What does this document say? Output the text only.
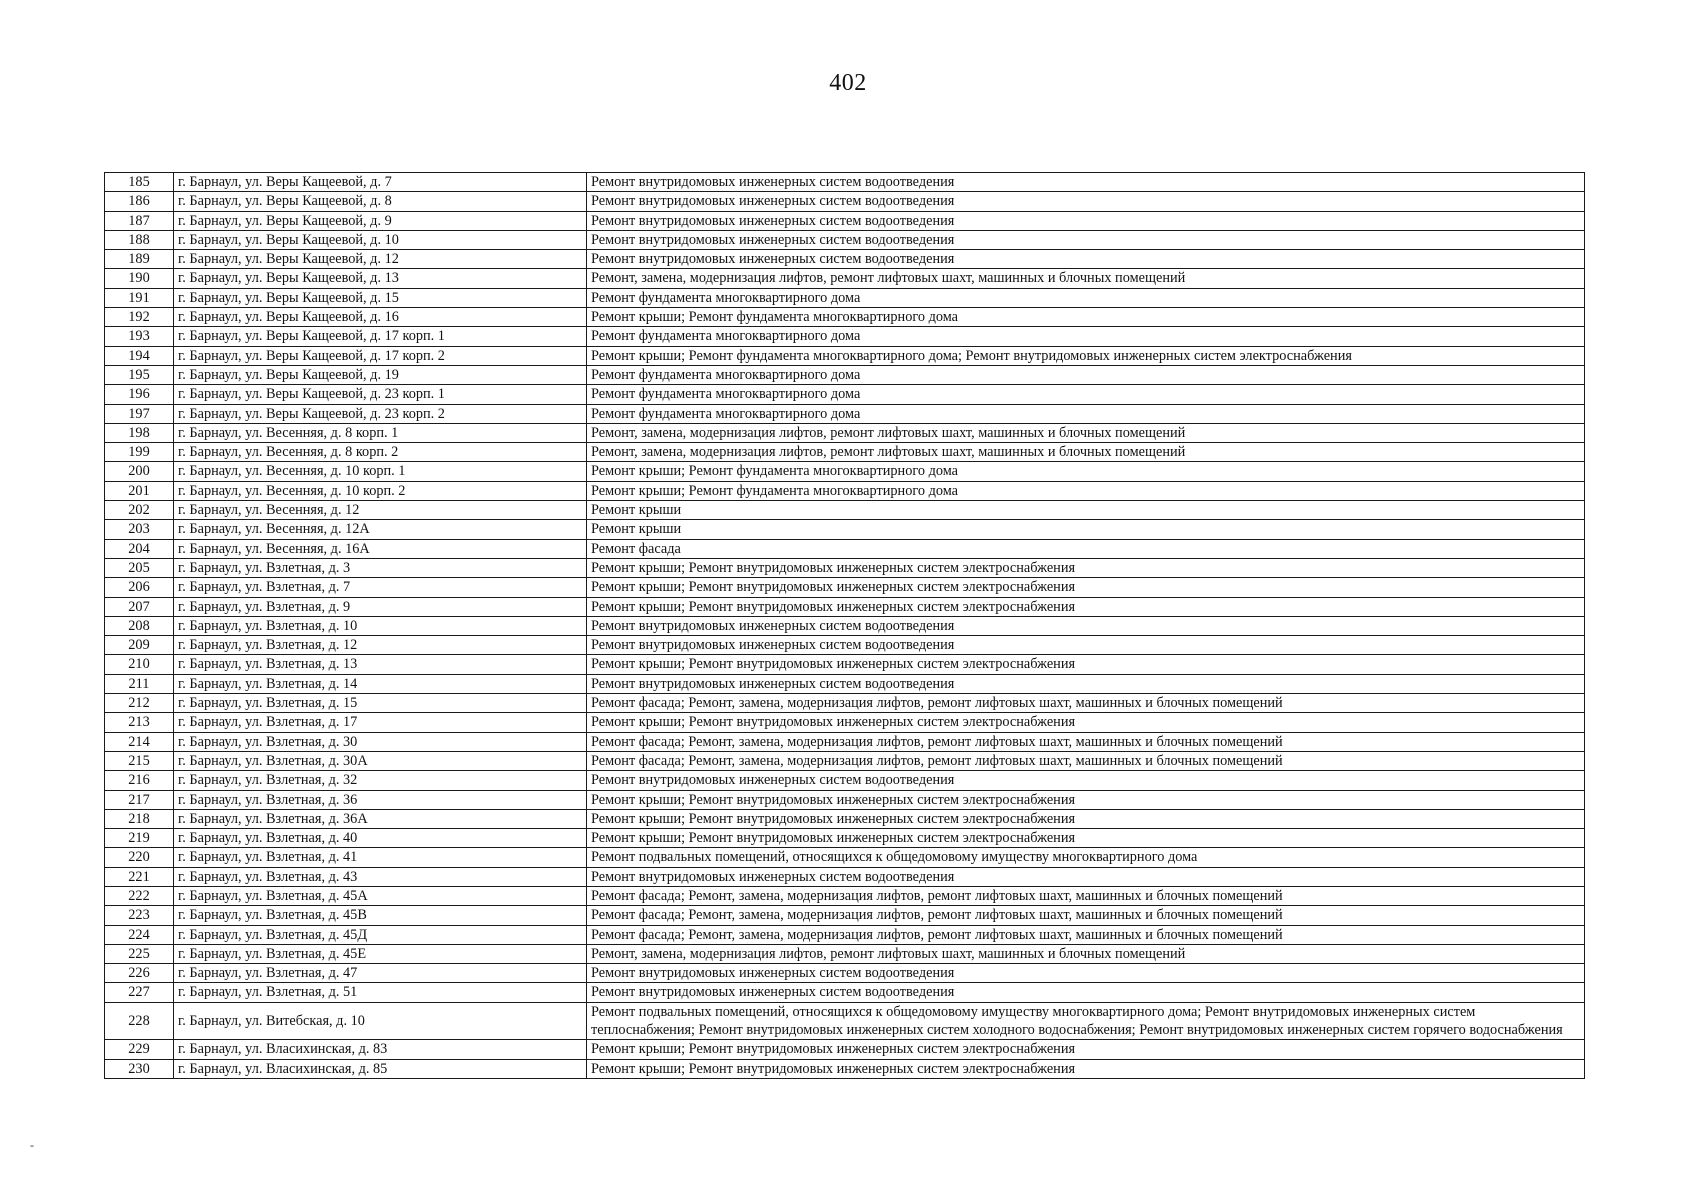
402
185	г. Барнаул, ул. Веры Кащеевой, д. 7	Ремонт внутридомовых инженерных систем водоотведения
186	г. Барнаул, ул. Веры Кащеевой, д. 8	Ремонт внутридомовых инженерных систем водоотведения
187	г. Барнаул, ул. Веры Кащеевой, д. 9	Ремонт внутридомовых инженерных систем водоотведения
188	г. Барнаул, ул. Веры Кащеевой, д. 10	Ремонт внутридомовых инженерных систем водоотведения
189	г. Барнаул, ул. Веры Кащеевой, д. 12	Ремонт внутридомовых инженерных систем водоотведения
190	г. Барнаул, ул. Веры Кащеевой, д. 13	Ремонт, замена, модернизация лифтов, ремонт лифтовых шахт, машинных и блочных помещений
191	г. Барнаул, ул. Веры Кащеевой, д. 15	Ремонт фундамента многоквартирного дома
192	г. Барнаул, ул. Веры Кащеевой, д. 16	Ремонт крыши; Ремонт фундамента многоквартирного дома
193	г. Барнаул, ул. Веры Кащеевой, д. 17 корп. 1	Ремонт фундамента многоквартирного дома
194	г. Барнаул, ул. Веры Кащеевой, д. 17 корп. 2	Ремонт крыши; Ремонт фундамента многоквартирного дома; Ремонт внутридомовых инженерных систем электроснабжения
195	г. Барнаул, ул. Веры Кащеевой, д. 19	Ремонт фундамента многоквартирного дома
196	г. Барнаул, ул. Веры Кащеевой, д. 23 корп. 1	Ремонт фундамента многоквартирного дома
197	г. Барнаул, ул. Веры Кащеевой, д. 23 корп. 2	Ремонт фундамента многоквартирного дома
198	г. Барнаул, ул. Весенняя, д. 8 корп. 1	Ремонт, замена, модернизация лифтов, ремонт лифтовых шахт, машинных и блочных помещений
199	г. Барнаул, ул. Весенняя, д. 8 корп. 2	Ремонт, замена, модернизация лифтов, ремонт лифтовых шахт, машинных и блочных помещений
200	г. Барнаул, ул. Весенняя, д. 10 корп. 1	Ремонт крыши; Ремонт фундамента многоквартирного дома
201	г. Барнаул, ул. Весенняя, д. 10 корп. 2	Ремонт крыши; Ремонт фундамента многоквартирного дома
202	г. Барнаул, ул. Весенняя, д. 12	Ремонт крыши
203	г. Барнаул, ул. Весенняя, д. 12А	Ремонт крыши
204	г. Барнаул, ул. Весенняя, д. 16А	Ремонт фасада
205	г. Барнаул, ул. Взлетная, д. 3	Ремонт крыши; Ремонт внутридомовых инженерных систем электроснабжения
206	г. Барнаул, ул. Взлетная, д. 7	Ремонт крыши; Ремонт внутридомовых инженерных систем электроснабжения
207	г. Барнаул, ул. Взлетная, д. 9	Ремонт крыши; Ремонт внутридомовых инженерных систем электроснабжения
208	г. Барнаул, ул. Взлетная, д. 10	Ремонт внутридомовых инженерных систем водоотведения
209	г. Барнаул, ул. Взлетная, д. 12	Ремонт внутридомовых инженерных систем водоотведения
210	г. Барнаул, ул. Взлетная, д. 13	Ремонт крыши; Ремонт внутридомовых инженерных систем электроснабжения
211	г. Барнаул, ул. Взлетная, д. 14	Ремонт внутридомовых инженерных систем водоотведения
212	г. Барнаул, ул. Взлетная, д. 15	Ремонт фасада; Ремонт, замена, модернизация лифтов, ремонт лифтовых шахт, машинных и блочных помещений
213	г. Барнаул, ул. Взлетная, д. 17	Ремонт крыши; Ремонт внутридомовых инженерных систем электроснабжения
214	г. Барнаул, ул. Взлетная, д. 30	Ремонт фасада; Ремонт, замена, модернизация лифтов, ремонт лифтовых шахт, машинных и блочных помещений
215	г. Барнаул, ул. Взлетная, д. 30А	Ремонт фасада; Ремонт, замена, модернизация лифтов, ремонт лифтовых шахт, машинных и блочных помещений
216	г. Барнаул, ул. Взлетная, д. 32	Ремонт внутридомовых инженерных систем водоотведения
217	г. Барнаул, ул. Взлетная, д. 36	Ремонт крыши; Ремонт внутридомовых инженерных систем электроснабжения
218	г. Барнаул, ул. Взлетная, д. 36А	Ремонт крыши; Ремонт внутридомовых инженерных систем электроснабжения
219	г. Барнаул, ул. Взлетная, д. 40	Ремонт крыши; Ремонт внутридомовых инженерных систем электроснабжения
220	г. Барнаул, ул. Взлетная, д. 41	Ремонт подвальных помещений, относящихся к общедомовому имуществу многоквартирного дома
221	г. Барнаул, ул. Взлетная, д. 43	Ремонт внутридомовых инженерных систем водоотведения
222	г. Барнаул, ул. Взлетная, д. 45А	Ремонт фасада; Ремонт, замена, модернизация лифтов, ремонт лифтовых шахт, машинных и блочных помещений
223	г. Барнаул, ул. Взлетная, д. 45В	Ремонт фасада; Ремонт, замена, модернизация лифтов, ремонт лифтовых шахт, машинных и блочных помещений
224	г. Барнаул, ул. Взлетная, д. 45Д	Ремонт фасада; Ремонт, замена, модернизация лифтов, ремонт лифтовых шахт, машинных и блочных помещений
225	г. Барнаул, ул. Взлетная, д. 45Е	Ремонт, замена, модернизация лифтов, ремонт лифтовых шахт, машинных и блочных помещений
226	г. Барнаул, ул. Взлетная, д. 47	Ремонт внутридомовых инженерных систем водоотведения
227	г. Барнаул, ул. Взлетная, д. 51	Ремонт внутридомовых инженерных систем водоотведения
228	г. Барнаул, ул. Витебская, д. 10	Ремонт подвальных помещений, относящихся к общедомовому имуществу многоквартирного дома; Ремонт внутридомовых инженерных систем теплоснабжения; Ремонт внутридомовых инженерных систем холодного водоснабжения; Ремонт внутридомовых инженерных систем горячего водоснабжения
229	г. Барнаул, ул. Власихинская, д. 83	Ремонт крыши; Ремонт внутридомовых инженерных систем электроснабжения
230	г. Барнаул, ул. Власихинская, д. 85	Ремонт крыши; Ремонт внутридомовых инженерных систем электроснабжения
-
